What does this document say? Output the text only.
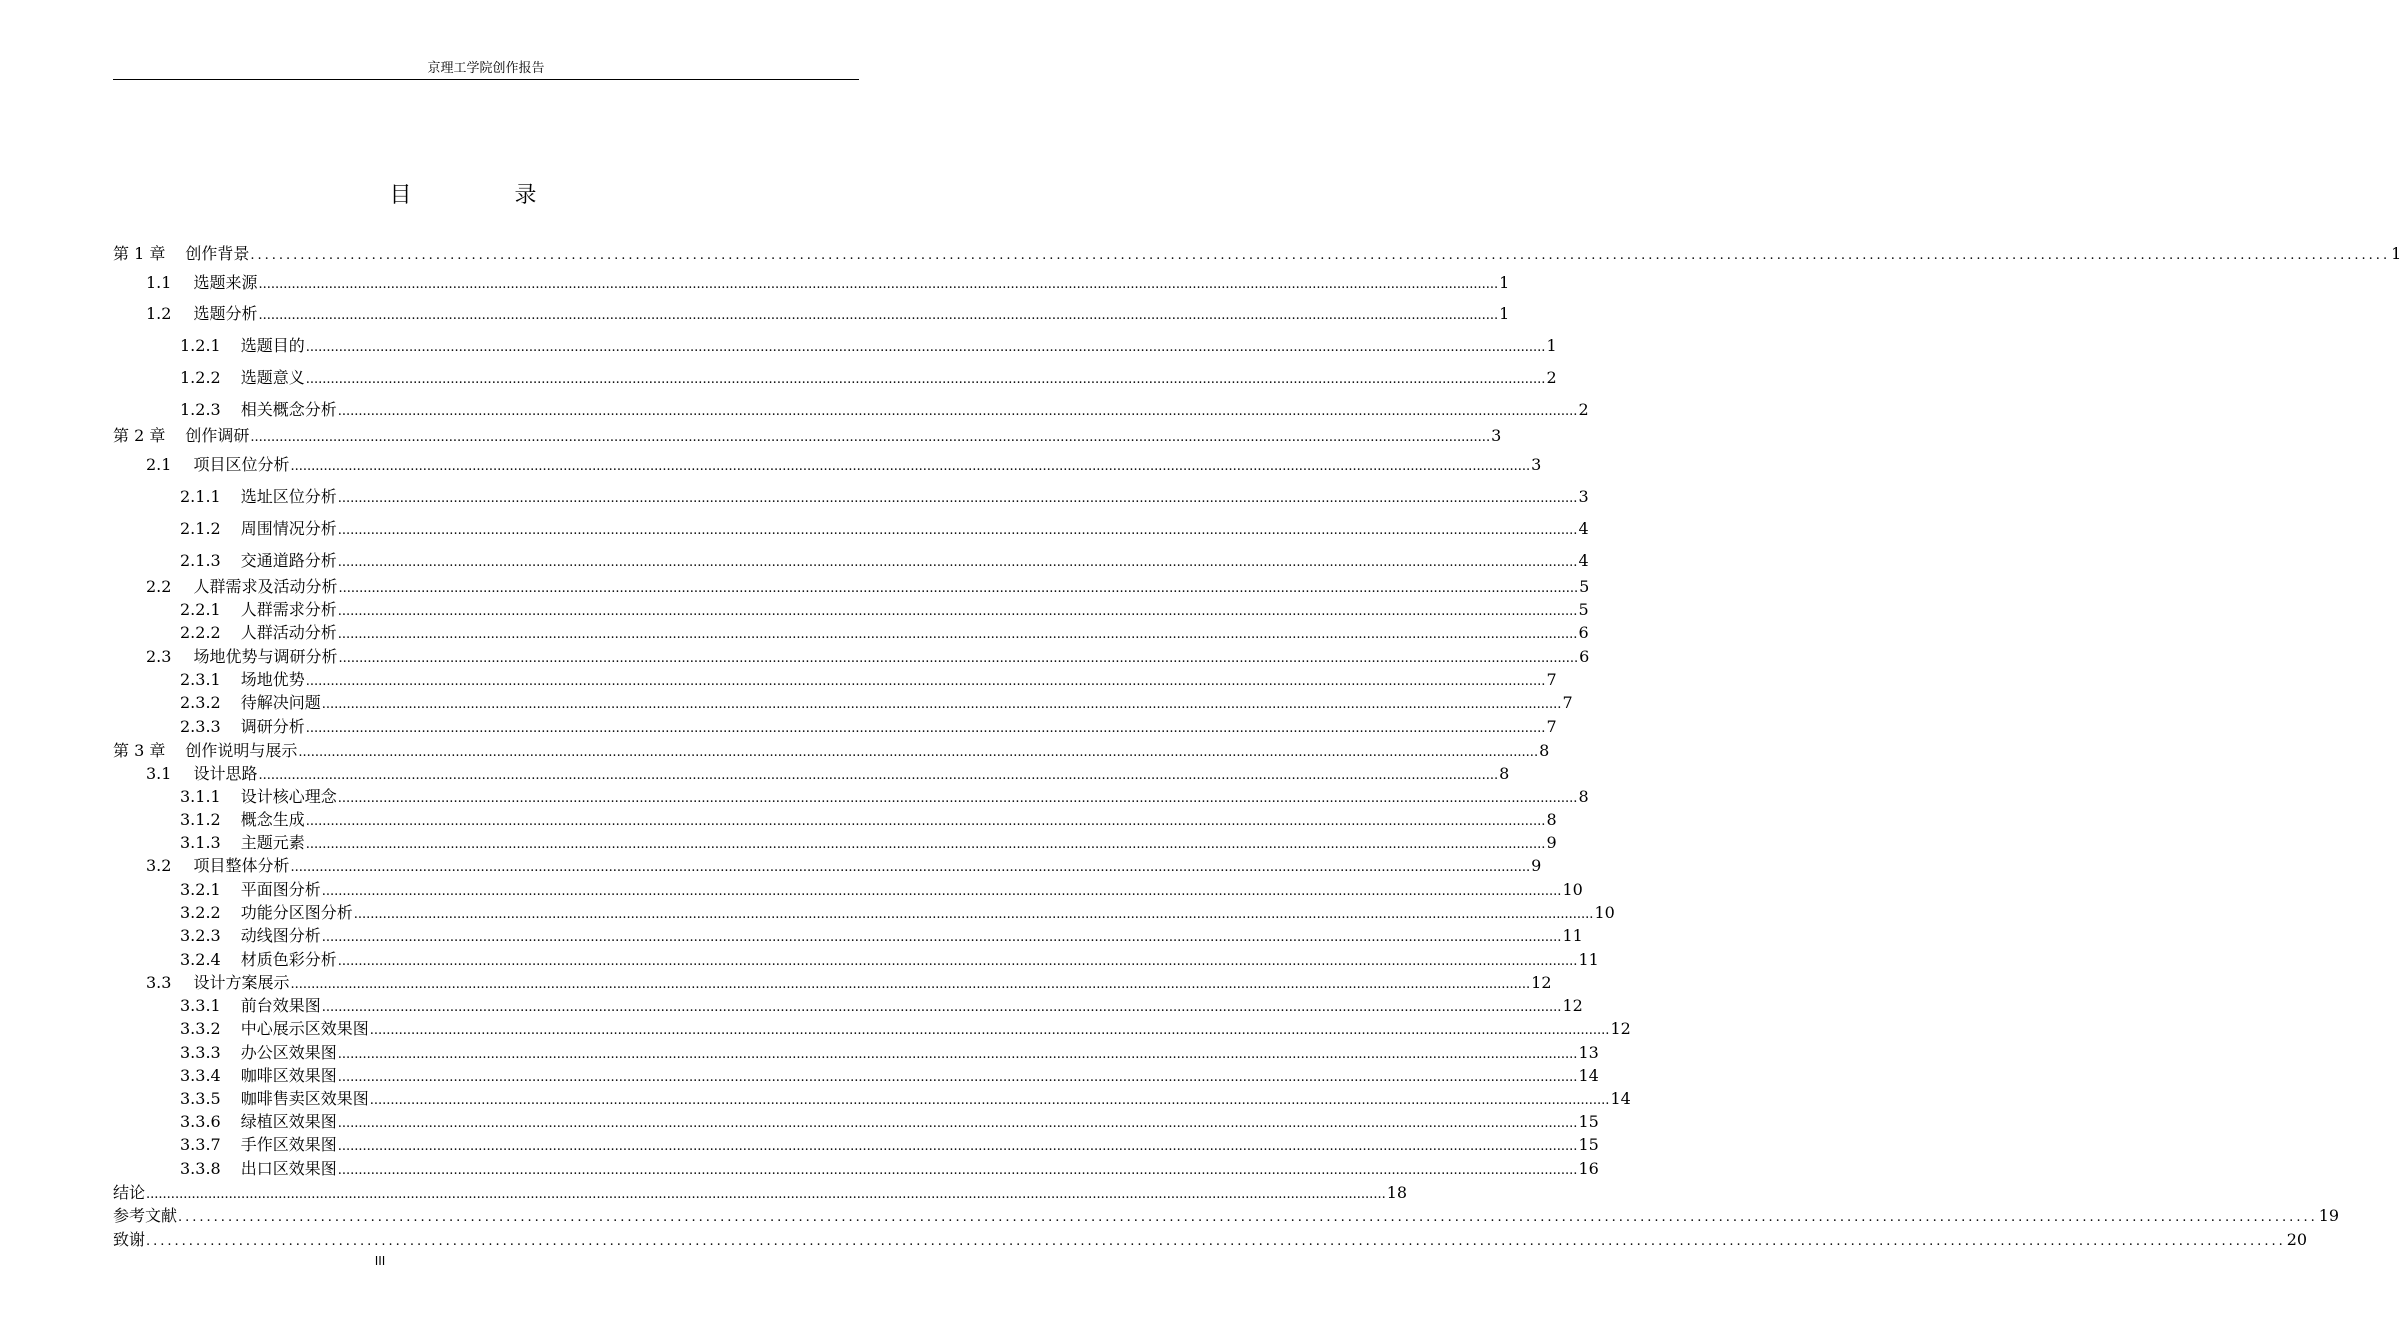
京理工学院创作报告
目 录
第 1 章 创作背景 ............................................................................................................................................................................................................................................................................................................ 1
1.1 选题来源 ............................................................................................................................................................................................................................................................................................................ 1
1.2 选题分析 ............................................................................................................................................................................................................................................................................................................ 1
1.2.1 选题目的 ............................................................................................................................................................................................................................................................................................................ 1
1.2.2 选题意义 ............................................................................................................................................................................................................................................................................................................ 2
1.2.3 相关概念分析 ............................................................................................................................................................................................................................................................................................................ 2
第 2 章 创作调研 ............................................................................................................................................................................................................................................................................................................ 3
2.1 项目区位分析 ............................................................................................................................................................................................................................................................................................................ 3
2.1.1 选址区位分析 ............................................................................................................................................................................................................................................................................................................ 3
2.1.2 周围情况分析 ............................................................................................................................................................................................................................................................................................................ 4
2.1.3 交通道路分析 ............................................................................................................................................................................................................................................................................................................ 4
2.2 人群需求及活动分析 ............................................................................................................................................................................................................................................................................................................ 5
2.2.1 人群需求分析 ............................................................................................................................................................................................................................................................................................................ 5
2.2.2 人群活动分析 ............................................................................................................................................................................................................................................................................................................ 6
2.3 场地优势与调研分析 ............................................................................................................................................................................................................................................................................................................ 6
2.3.1 场地优势 ............................................................................................................................................................................................................................................................................................................ 7
2.3.2 待解决问题 ............................................................................................................................................................................................................................................................................................................ 7
2.3.3 调研分析 ............................................................................................................................................................................................................................................................................................................ 7
第 3 章 创作说明与展示 ............................................................................................................................................................................................................................................................................................................ 8
3.1 设计思路 ............................................................................................................................................................................................................................................................................................................ 8
3.1.1 设计核心理念 ............................................................................................................................................................................................................................................................................................................ 8
3.1.2 概念生成 ............................................................................................................................................................................................................................................................................................................ 8
3.1.3 主题元素 ............................................................................................................................................................................................................................................................................................................ 9
3.2 项目整体分析 ............................................................................................................................................................................................................................................................................................................ 9
3.2.1 平面图分析 ............................................................................................................................................................................................................................................................................................................ 10
3.2.2 功能分区图分析 ............................................................................................................................................................................................................................................................................................................ 10
3.2.3 动线图分析 ............................................................................................................................................................................................................................................................................................................ 11
3.2.4 材质色彩分析 ............................................................................................................................................................................................................................................................................................................ 11
3.3 设计方案展示 ............................................................................................................................................................................................................................................................................................................ 12
3.3.1 前台效果图 ............................................................................................................................................................................................................................................................................................................ 12
3.3.2 中心展示区效果图 ............................................................................................................................................................................................................................................................................................................ 12
3.3.3 办公区效果图 ............................................................................................................................................................................................................................................................................................................ 13
3.3.4 咖啡区效果图 ............................................................................................................................................................................................................................................................................................................ 14
3.3.5 咖啡售卖区效果图 ............................................................................................................................................................................................................................................................................................................ 14
3.3.6 绿植区效果图 ............................................................................................................................................................................................................................................................................................................ 15
3.3.7 手作区效果图 ............................................................................................................................................................................................................................................................................................................ 15
3.3.8 出口区效果图 ............................................................................................................................................................................................................................................................................................................ 16
结论 ............................................................................................................................................................................................................................................................................................................ 18
参考文献 ............................................................................................................................................................................................................................................................................................................ 19
致谢 ............................................................................................................................................................................................................................................................................................................ 20
III
